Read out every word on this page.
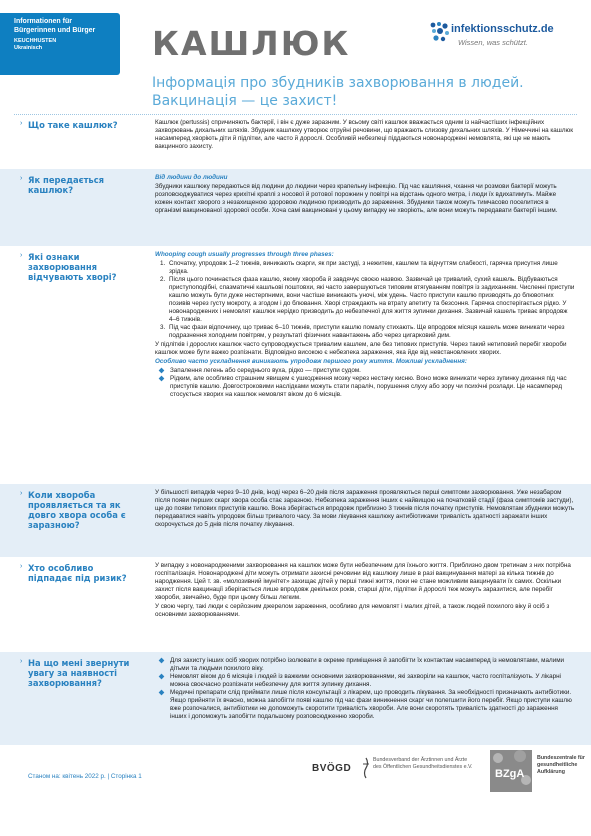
Informationen für
Bürgerinnen und Bürger
KEUCHHUSTEN
Ukrainisch	КАШЛЮК	infektionsschutz.de
Wissen, was schützt.
Інформація про збудників захворювання в людей.
Вакцинація — це захист!
› Що таке кашлюк?	Кашлюк (pertussis) спричиняють бактерії, і він є дуже заразним. У всьому світі кашлюк вважається одним із найчастіших інфекційних захворювань дихальних шляхів. Збудник кашлюку утворює отруйні речовини, що вражають слизову дихальних шляхів. У Німеччині на кашлюк насамперед хворіють діти й підлітки, але часто й дорослі. Особливій небезпеці піддаються новонароджені немовлята, які ще не мають вакцинного захисту.

› Як передається кашлюк?

Від людини до людини

Збудники кашлюку передаються від людини до людини через крапельну інфекцію. Під час кашляння, чхання чи розмови бактерії можуть розповсюджуватися через крихітні краплі з носової й ротової порожнин у повітрі на відстань одного метра, і люди їх вдихатимуть. Майже кожен контакт хворого з незахищеною здоровою людиною призводить до зараження. Збудники також можуть тимчасово поселитися в організмі вакцинованої здорової особи. Хоча самі вакциновані у цьому випадку не хворіють, але вони можуть передавати бактерії іншим.

› Які ознаки захворювання відчувають хворі?

Whooping cough usually progresses through three phases:

1. Спочатку, упродовж 1–2 тижнів, виникають скарги, як при застуді, з нежитем, кашлем та відчуттям слабкості, гарячка присутня лише зрідка.
2. Після цього починається фаза кашлю, якому хвороба й завдячує своєю назвою. Зазвичай це тривалий, сухий кашель. Відбуваються приступоподібні, спазматичні кашльові поштовхи, які часто завершуються типовим втягуванням повітря із задиханням. Численні приступи кашлю можуть бути дуже нестерпними, вони частіше виникають уночі, між удень. Часто приступи кашлю призводять до блювотних позивів через густу мокроту, а згодом і до блювання. Хворі страждають на втрату апетиту та безсоння. Гарячка спостерігається рідко. У новонароджених і немовлят кашлюк нерідко призводить до небезпечної для життя зупинки дихання. Зазвичай кашель триває впродовж 4–6 тижнів.
3. Під час фази відпочинку, що триває 6–10 тижнів, приступи кашлю помалу стихають. Ще впродовж місяця кашель може виникати через подразнення холодним повітрям, у результаті фізичних навантажень або через цигарковий дим.

У підлітків і дорослих кашлюк часто супроводжується тривалим кашлем, але без типових приступів. Через такий нетиповий перебіг хвороби кашлюк може бути важко розпізнати. Відповідно високою є небезпека зараження, яка йде від невстановлених хворих.

Особливо часто ускладнення виникають упродовж першого року життя. Можливі ускладнення:

Запалення легень або середнього вуха, рідко — приступи судом.
Рідким, але особливо страшним явищем є ушкодження мозку через нестачу кисню. Воно може виникати через зупинку дихання під час приступів кашлю. Довгостроковими наслідками можуть стати параліч, порушення слуху або зору чи психічні розлади. Це насамперед стосується хворих на кашлюк немовлят віком до 6 місяців.
› Коли хвороба проявляється та як довго хвора особа є заразною?

У більшості випадків через 9–10 днів, іноді через 6–20 днів після зараження проявляються перші симптоми захворювання. Уже незабаром після появи перших скарг хвора особа стає заразною. Небезпека зараження інших є найвищою на початковій стадії (фаза симптомів застуди), ще до появи типових приступів кашлю. Вона зберігається впродовж приблизно 3 тижнів після початку приступів. Немовлятам збудники можуть передаватися навіть упродовж більш тривалого часу. За мови лікування кашлюку антибіотиками тривалість здатності заражати інших скорочується до 5 днів після початку лікування.

› Хто особливо підпадає під ризик?

У випадку з новонародженими захворювання на кашлюк може бути небезпечним для їхнього життя. Приблизно двом третинам з них потрібна госпіталізація. Новонароджені діти можуть отримати захисні речовини від кашлюку лише в разі вакцинування матері за кілька тижнів до народження. Цей т. зв. «молозивний імунітет» захищає дітей у перші тижні життя, поки не стане можливим вакцинувати їх самих. Оскільки захист після вакцинації зберігається лише впродовж декількох років, старші діти, підлітки й дорослі теж можуть заразитися, але перебіг хвороби, звичайно, буде при цьому більш легким.

У свою чергу, такі люди є серйозним джерелом зараження, особливо для немовлят і малих дітей, а також людей похилого віку й осіб з основними захворюваннями.

› На що мені звернути увагу за наявності захворювання?
Для захисту інших осіб хворих потрібно ізолювати в окреме приміщення й запобігти їх контактам насамперед із немовлятами, малими дітьми та людьми похилого віку.
Немовлят віком до 6 місяців і людей із важкими основними захворюваннями, які захворіли на кашлюк, часто госпіталізують. У лікарні можна своєчасно розпізнати небезпечну для життя зупинку дихання.
Медичні препарати слід приймати лише після консультації з лікарем, що проводить лікування. За необхідності призначають антибіотики. Якщо прийняти їх вчасно, можна запобігти появі кашлю під час фази виникнення скарг чи полегшити його перебіг. Якщо приступи кашлю вже розпочалися, антибіотики не допоможуть скоротити тривалість хвороби. Але вони скоротять тривалість здатності до зараження інших і допоможуть запобігти подальшому розповсюдженню хвороби.
Станом на: квітень 2022 р. | Сторінка 1
BVÖGD
Bundesverband der Ärztinnen und Ärzte des Öffentlichen Gesundheitsdienstes e.V.
BZgA
Bundeszentrale für gesundheitliche Aufklärung
